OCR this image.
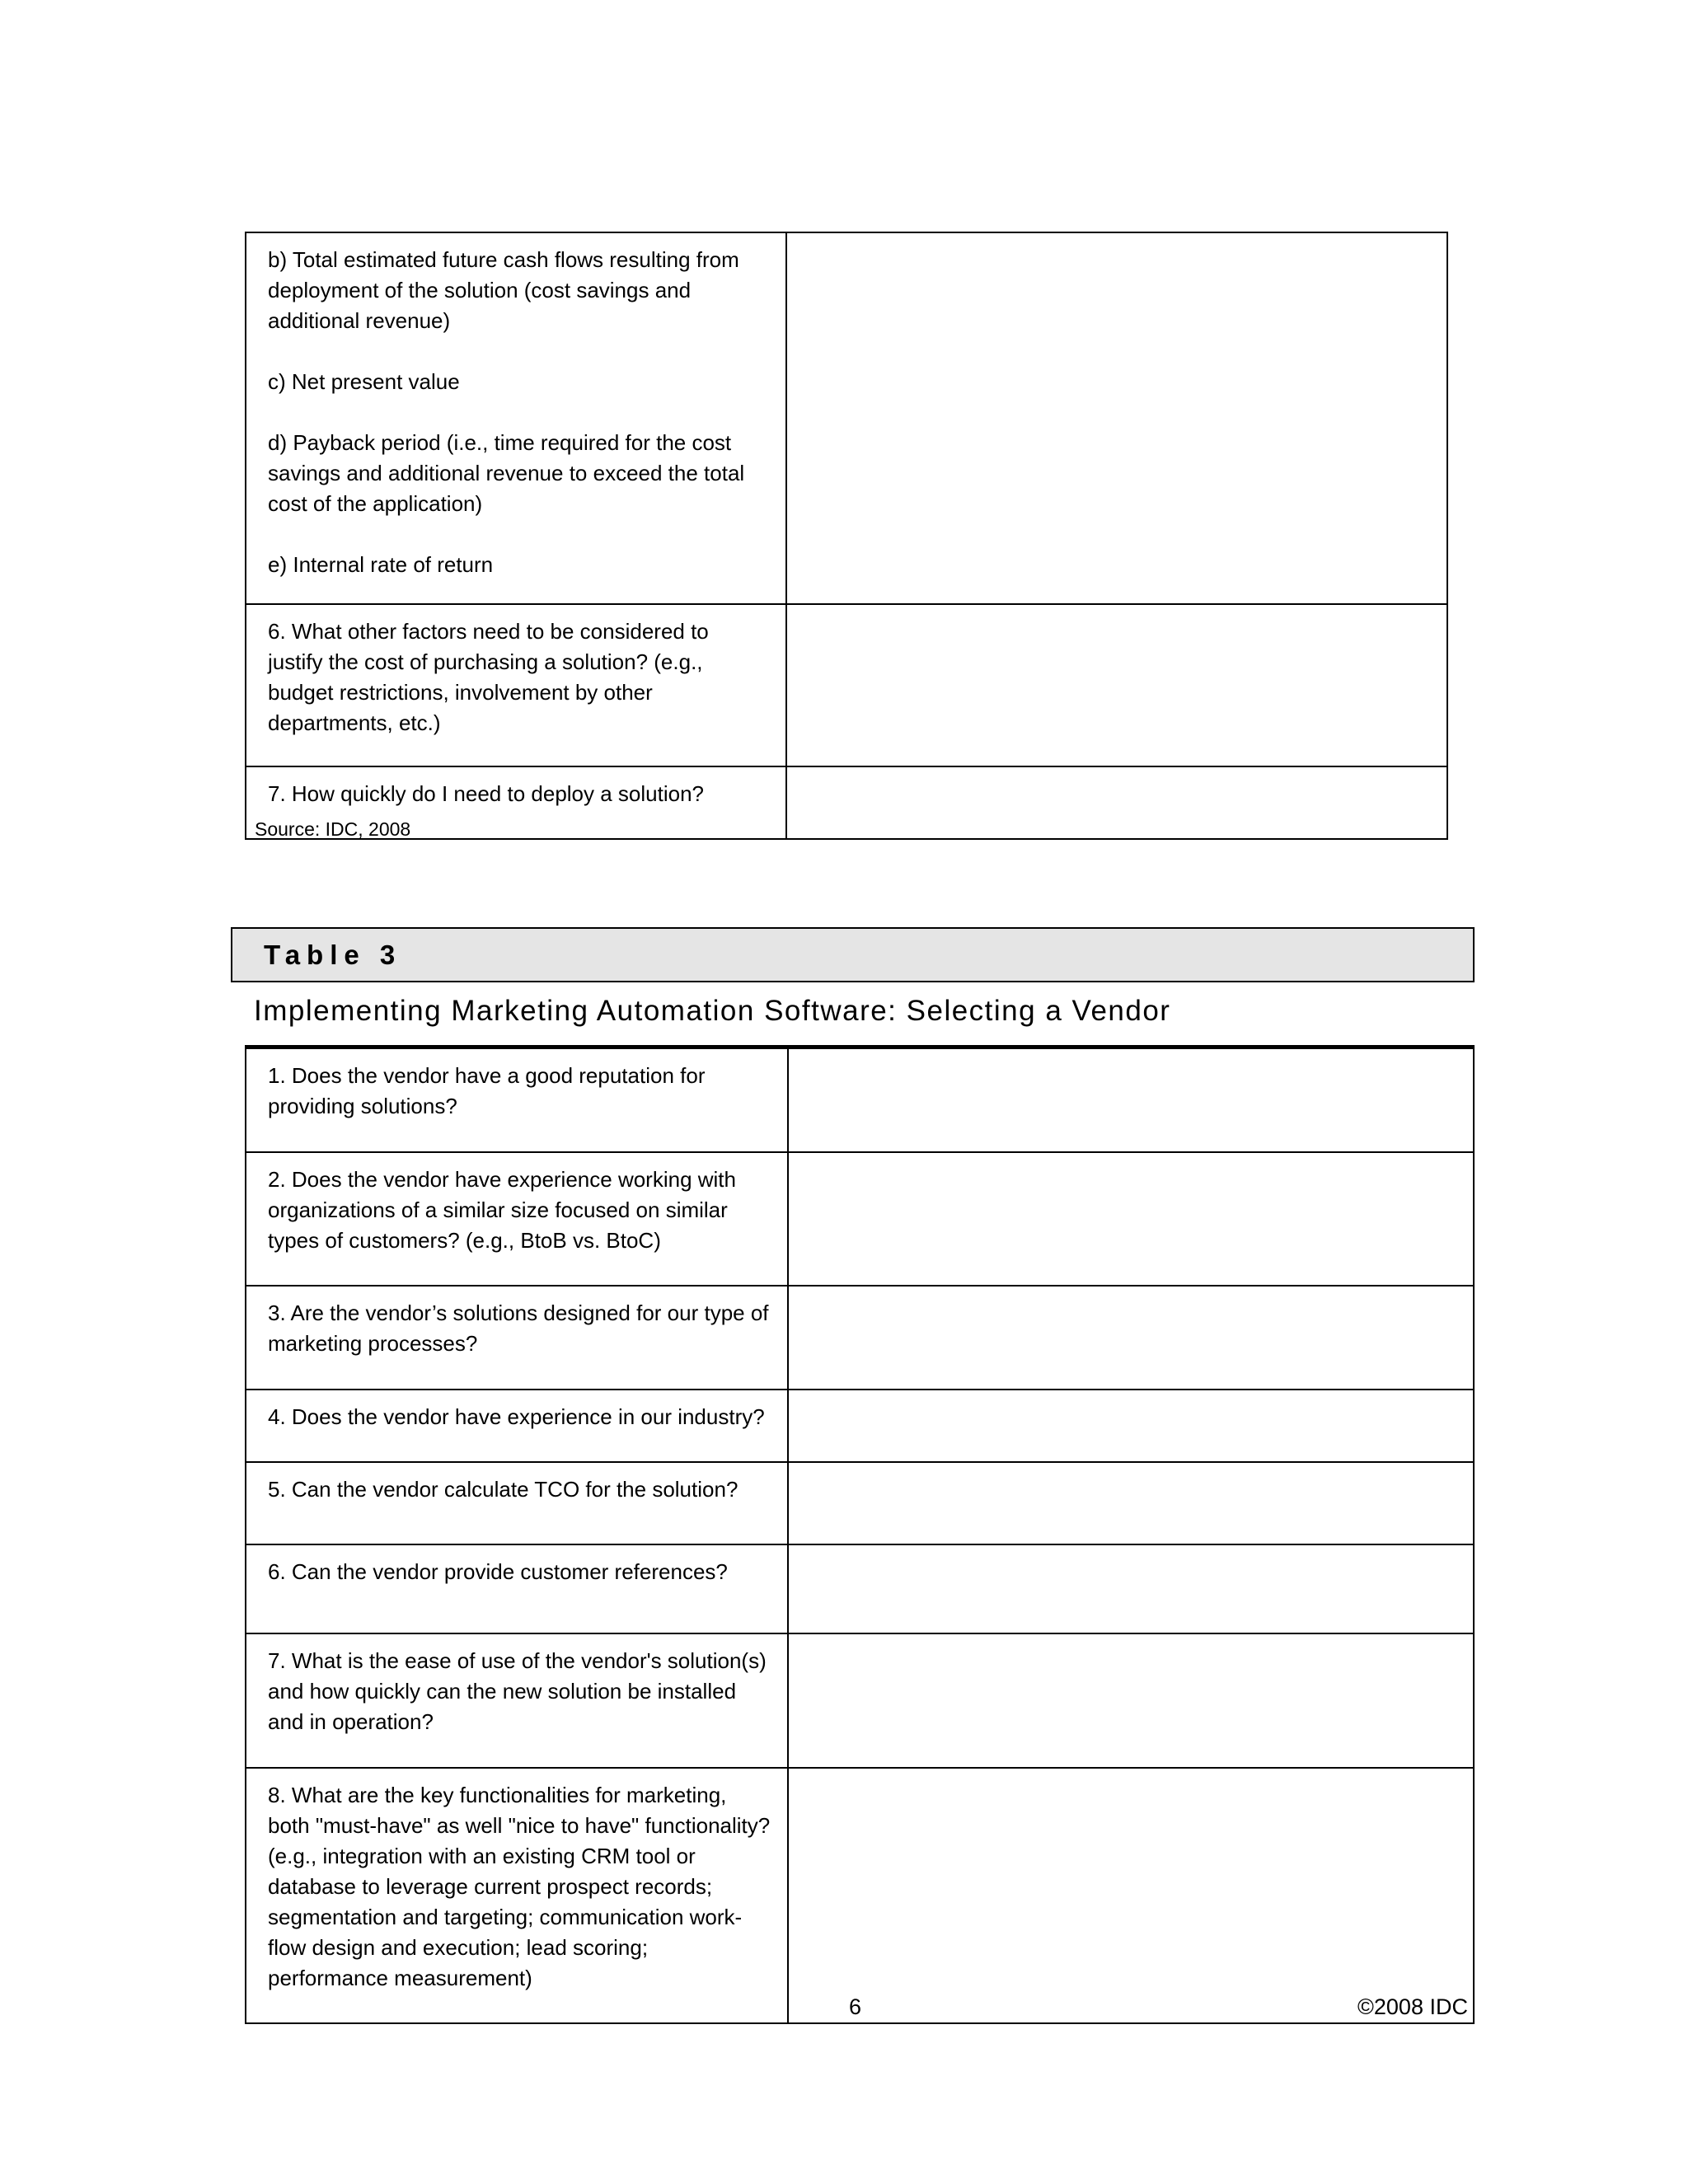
b) Total estimated future cash flows resulting from deployment of the solution (cost savings and additional revenue)

c) Net present value

d) Payback period (i.e., time required for the cost savings and additional revenue to exceed the total cost of the application)

e) Internal rate of return	

6. What other factors need to be considered to justify the cost of purchasing a solution? (e.g., budget restrictions, involvement by other departments, etc.)	

7. How quickly do I need to deploy a solution?	

Source: IDC, 2008
Table 3
Implementing Marketing Automation Software: Selecting a Vendor
1. Does the vendor have a good reputation for providing solutions?	
2. Does the vendor have experience working with organizations of a similar size focused on similar types of customers? (e.g., BtoB vs. BtoC)	
3. Are the vendor’s solutions designed for our type of marketing processes?	
4. Does the vendor have experience in our industry?	
5. Can the vendor calculate TCO for the solution?	
6. Can the vendor provide customer references?	
7. What is the ease of use of the vendor's solution(s) and how quickly can the new solution be installed and in operation?	
8. What are the key functionalities for marketing, both "must-have" as well "nice to have" functionality? (e.g., integration with an existing CRM tool or database to leverage current prospect records; segmentation and targeting; communication work-flow design and execution; lead scoring; performance measurement)	
6	©2008 IDC
